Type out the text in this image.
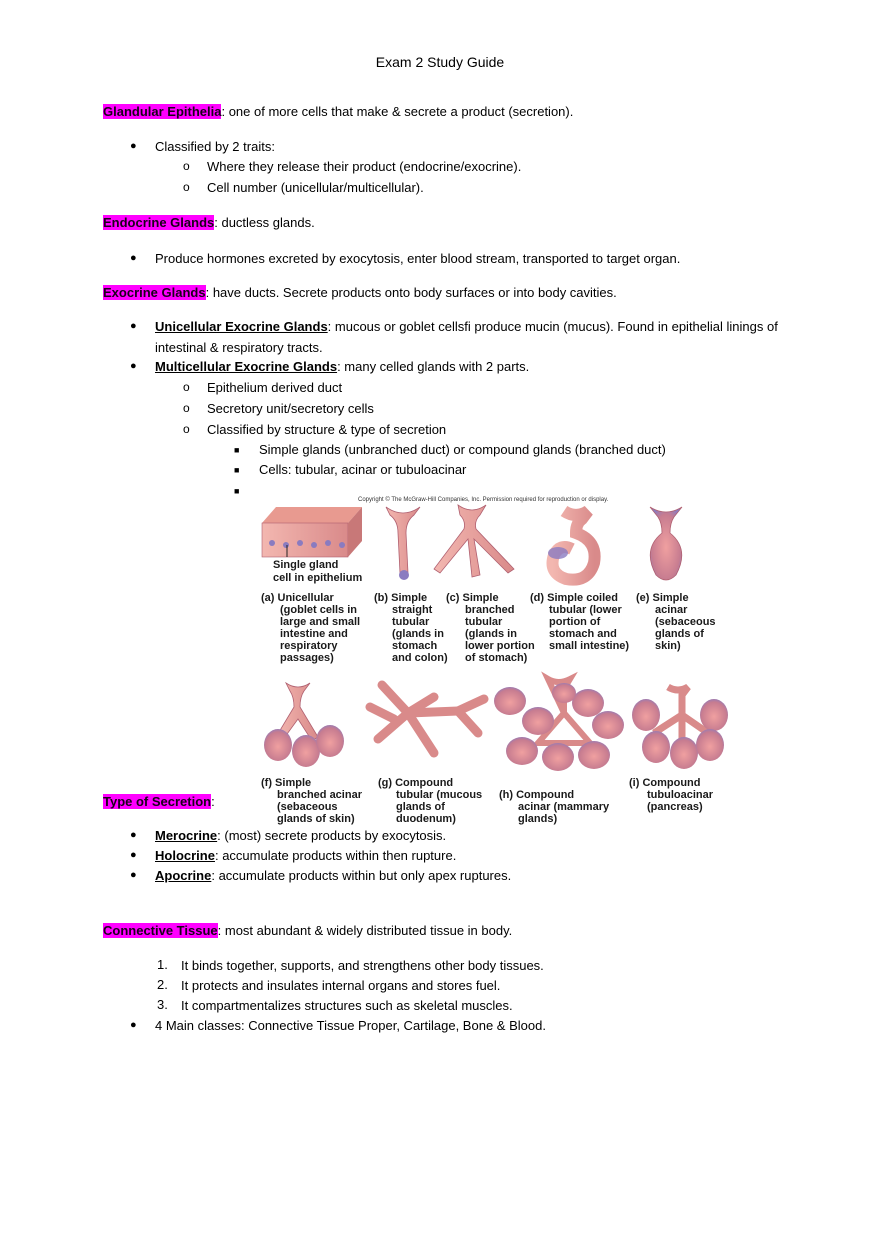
Exam 2 Study Guide
Glandular Epithelia: one of more cells that make & secrete a product (secretion).
● Classified by 2 traits:
o Where they release their product (endocrine/exocrine).
o Cell number (unicellular/multicellular).
Endocrine Glands: ductless glands.
● Produce hormones excreted by exocytosis, enter blood stream, transported to target organ.
Exocrine Glands: have ducts. Secrete products onto body surfaces or into body cavities.
● Unicellular Exocrine Glands: mucous or goblet cellsfi produce mucin (mucus). Found in epithelial linings of
intestinal & respiratory tracts.
● Multicellular Exocrine Glands: many celled glands with 2 parts.
o Epithelium derived duct
o Secretory unit/secretory cells
o Classified by structure & type of secretion
■ Simple glands (unbranched duct) or compound glands (branched duct)
■ Cells: tubular, acinar or tubuloacinar
■
Copyright © The McGraw-Hill Companies, Inc. Permission required for reproduction or display.
Single gland cell in epithelium
(a) Unicellular (goblet cells in large and small intestine and respiratory passages)
(b) Simple straight tubular (glands in stomach and colon)
(c) Simple branched tubular (glands in lower portion of stomach)
(d) Simple coiled tubular (lower portion of stomach and small intestine)
(e) Simple acinar (sebaceous glands of skin)
(f) Simple branched acinar (sebaceous glands of skin)
(g) Compound tubular (mucous glands of duodenum)
(h) Compound acinar (mammary glands)
(i) Compound tubuloacinar (pancreas)
Type of Secretion:
● Merocrine: (most) secrete products by exocytosis.
● Holocrine: accumulate products within then rupture.
● Apocrine: accumulate products within but only apex ruptures.
Connective Tissue: most abundant & widely distributed tissue in body.
1. It binds together, supports, and strengthens other body tissues.
2. It protects and insulates internal organs and stores fuel.
3. It compartmentalizes structures such as skeletal muscles.
● 4 Main classes: Connective Tissue Proper, Cartilage, Bone & Blood.
